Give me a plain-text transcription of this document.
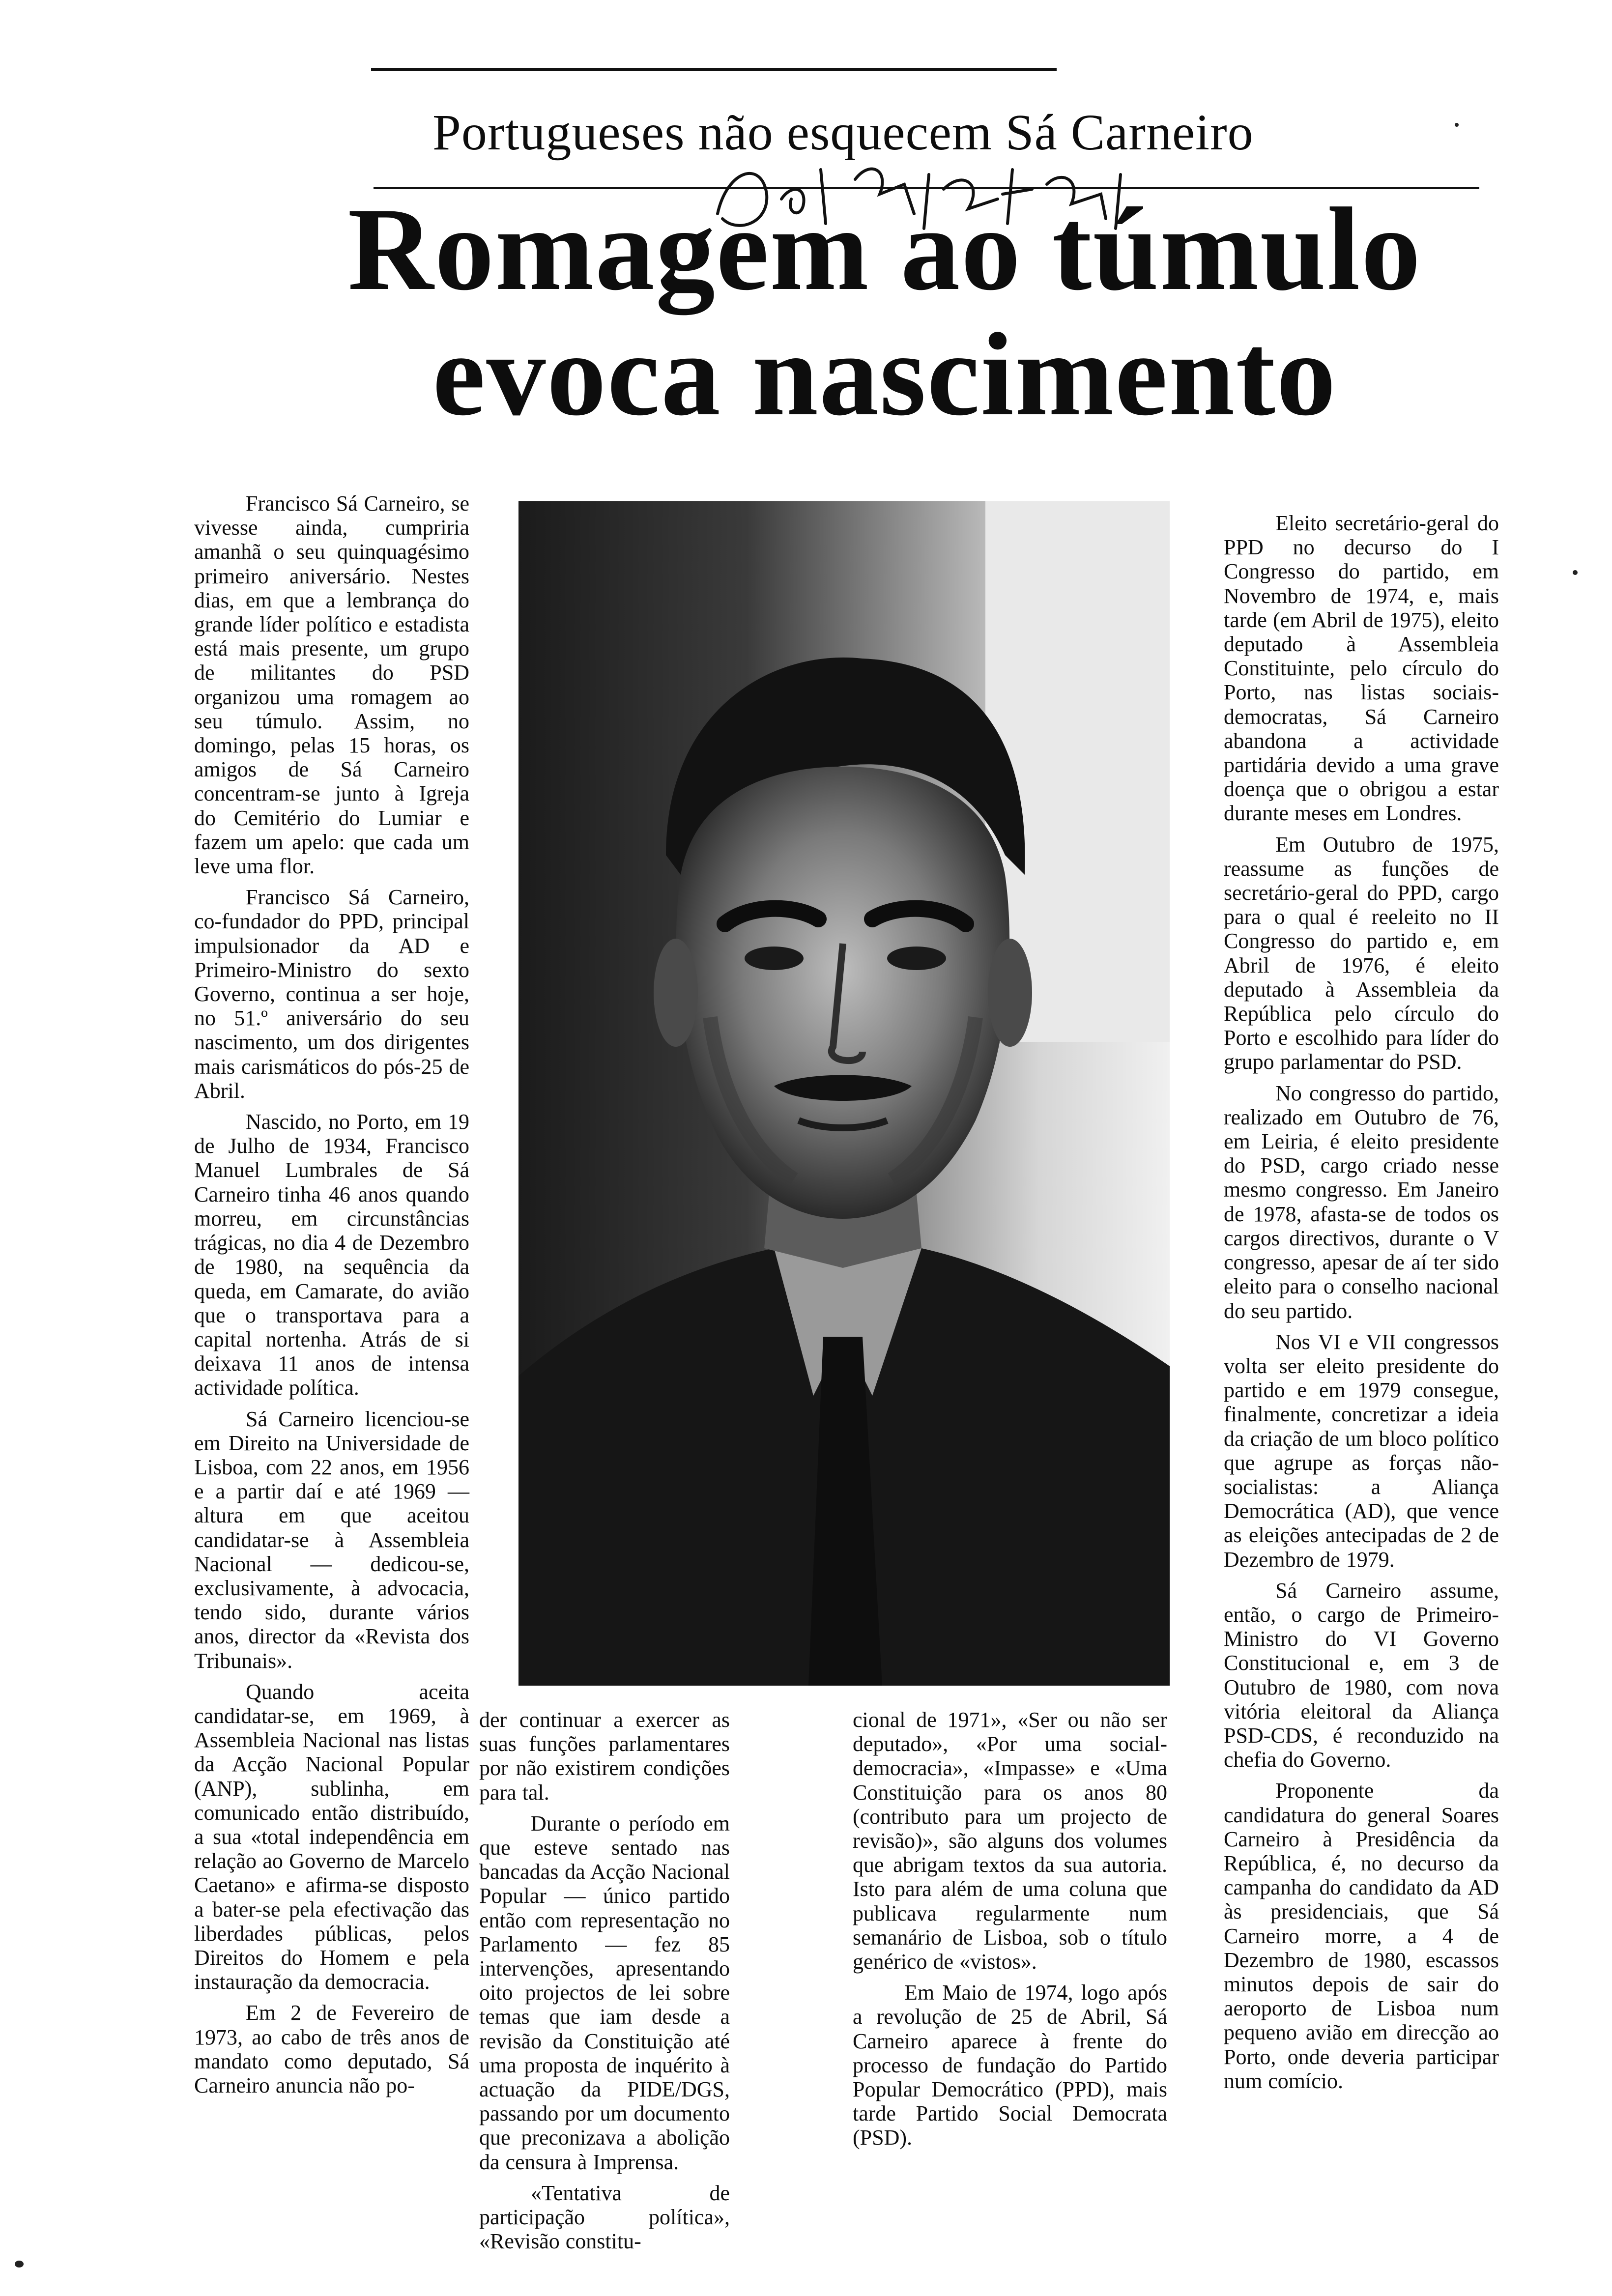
Portugueses não esquecem Sá Carneiro
Romagem ao túmulo
evoca nascimento

Francisco Sá Carneiro, se vivesse ainda, cumpriria amanhã o seu quinquagésimo primeiro aniversário. Nestes dias, em que a lembrança do grande líder político e estadista está mais presente, um grupo de militantes do PSD organizou uma romagem ao seu túmulo. Assim, no domingo, pelas 15 horas, os amigos de Sá Carneiro concentram-se junto à Igreja do Cemitério do Lumiar e fazem um apelo: que cada um leve uma flor.

Francisco Sá Carneiro, co-fundador do PPD, principal impulsionador da AD e Primeiro-Ministro do sexto Governo, continua a ser hoje, no 51.º aniversário do seu nascimento, um dos dirigentes mais carismáticos do pós-25 de Abril.

Nascido, no Porto, em 19 de Julho de 1934, Francisco Manuel Lumbrales de Sá Carneiro tinha 46 anos quando morreu, em circunstâncias trágicas, no dia 4 de Dezembro de 1980, na sequência da queda, em Camarate, do avião que o transportava para a capital nortenha. Atrás de si deixava 11 anos de intensa actividade política.

Sá Carneiro licenciou-se em Direito na Universidade de Lisboa, com 22 anos, em 1956 e a partir daí e até 1969 — altura em que aceitou candidatar-se à Assembleia Nacional — dedicou-se, exclusivamente, à advocacia, tendo sido, durante vários anos, director da «Revista dos Tribunais».

Quando aceita candidatar-se, em 1969, à Assembleia Nacional nas listas da Acção Nacional Popular (ANP), sublinha, em comunicado então distribuído, a sua «total independência em relação ao Governo de Marcelo Caetano» e afirma-se disposto a bater-se pela efectivação das liberdades públicas, pelos Direitos do Homem e pela instauração da democracia.

Em 2 de Fevereiro de 1973, ao cabo de três anos de mandato como deputado, Sá Carneiro anuncia não po-

der continuar a exercer as suas funções parlamentares por não existirem condições para tal.

Durante o período em que esteve sentado nas bancadas da Acção Nacional Popular — único partido então com representação no Parlamento — fez 85 intervenções, apresentando oito projectos de lei sobre temas que iam desde a revisão da Constituição até uma proposta de inquérito à actuação da PIDE/DGS, passando por um documento que preconizava a abolição da censura à Imprensa.

«Tentativa de participação política», «Revisão constitu-

cional de 1971», «Ser ou não ser deputado», «Por uma social-democracia», «Impasse» e «Uma Constituição para os anos 80 (contributo para um projecto de revisão)», são alguns dos volumes que abrigam textos da sua autoria. Isto para além de uma coluna que publicava regularmente num semanário de Lisboa, sob o título genérico de «vistos».

Em Maio de 1974, logo após a revolução de 25 de Abril, Sá Carneiro aparece à frente do processo de fundação do Partido Popular Democrático (PPD), mais tarde Partido Social Democrata (PSD).

Eleito secretário-geral do PPD no decurso do I Congresso do partido, em Novembro de 1974, e, mais tarde (em Abril de 1975), eleito deputado à Assembleia Constituinte, pelo círculo do Porto, nas listas sociais-democratas, Sá Carneiro abandona a actividade partidária devido a uma grave doença que o obrigou a estar durante meses em Londres.

Em Outubro de 1975, reassume as funções de secretário-geral do PPD, cargo para o qual é reeleito no II Congresso do partido e, em Abril de 1976, é eleito deputado à Assembleia da República pelo círculo do Porto e escolhido para líder do grupo parlamentar do PSD.

No congresso do partido, realizado em Outubro de 76, em Leiria, é eleito presidente do PSD, cargo criado nesse mesmo congresso. Em Janeiro de 1978, afasta-se de todos os cargos directivos, durante o V congresso, apesar de aí ter sido eleito para o conselho nacional do seu partido.

Nos VI e VII congressos volta ser eleito presidente do partido e em 1979 consegue, finalmente, concretizar a ideia da criação de um bloco político que agrupe as forças não-socialistas: a Aliança Democrática (AD), que vence as eleições antecipadas de 2 de Dezembro de 1979.

Sá Carneiro assume, então, o cargo de Primeiro-Ministro do VI Governo Constitucional e, em 3 de Outubro de 1980, com nova vitória eleitoral da Aliança PSD-CDS, é reconduzido na chefia do Governo.

Proponente da candidatura do general Soares Carneiro à Presidência da República, é, no decurso da campanha do candidato da AD às presidenciais, que Sá Carneiro morre, a 4 de Dezembro de 1980, escassos minutos depois de sair do aeroporto de Lisboa num pequeno avião em direcção ao Porto, onde deveria participar num comício.
